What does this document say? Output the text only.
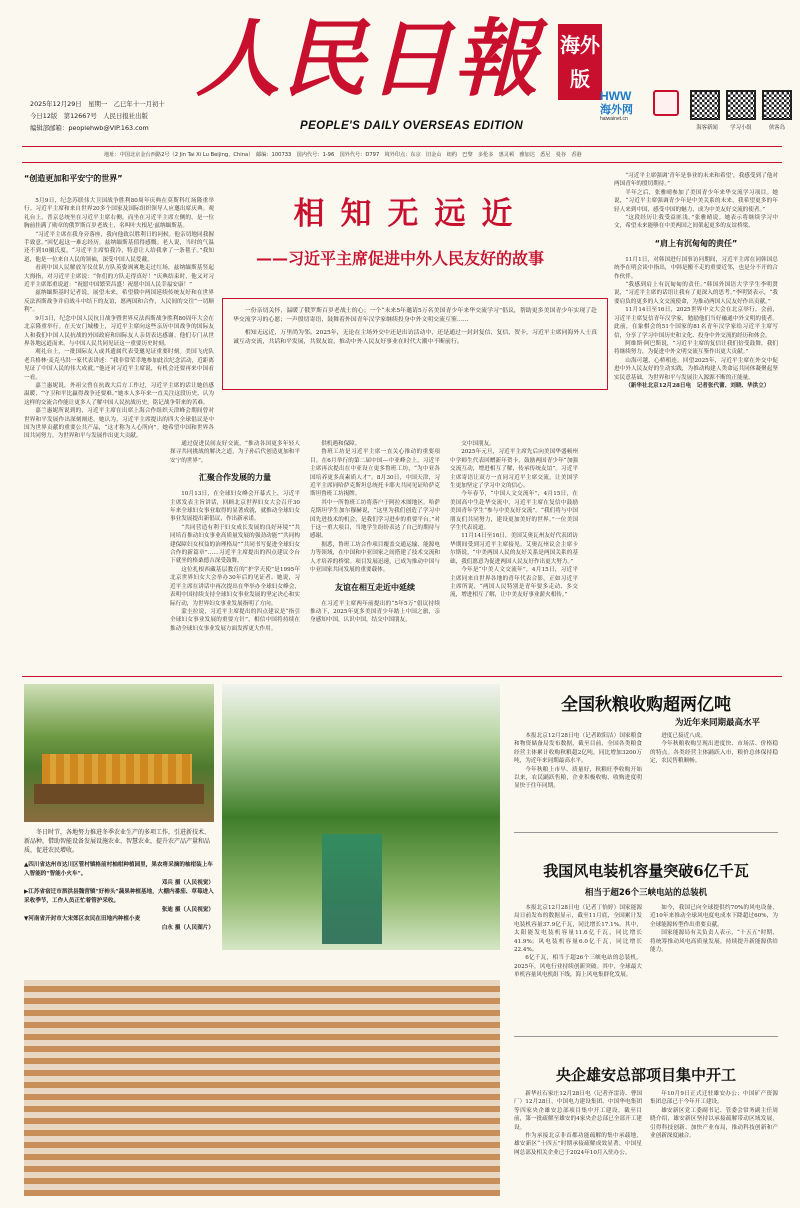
人民日報 海外
版
PEOPLE'S DAILY OVERSEAS EDITION
2025年12月29日　星期一　乙巳年十一月初十
今日12版　第12667号　人民日报社出版
编辑部邮箱：peoplehwb@VIP.163.com
HWW
海外网
haiwainet.cn
海客新闻	学习小组	侠客岛
地址：中国北京金台西路2号（2 Jin Tai Xi Lu Beijing，China）　邮编：100733　国内代号：1-96　国外代号：D797　境外印点：东京　旧金山　纽约　巴黎　多伦多　惠灵顿　雅加达　悉尼　曼谷　香港
相知无远近
——习近平主席促进中外人民友好的故事

一份亲切关怀，温暖了俄罗斯百岁老战士的心；一个“未来5年邀请5万名美国青少年来华交流学习”倡议，帮助更多美国青少年实现了赴华交流学习的心愿；一声殷切寄语，鼓舞着外国青年汉学家继续投身中外文明交流互鉴……

相知无远近，万里尚为邻。2025年，无论在主场外交中还是出访活动中，还是通过一封封复信、复信、贺卡，习近平主席同海外人士真诚互动交流，共话和平发展，共叙友谊，推动中外人民友好事业在时代大潮中不断前行。

“创造更加和平安宁的世界”

5月9日，纪念苏联伟大卫国战争胜利80周年庆典在莫斯科红场隆重举行。习近平主席和来自世界20多个国家及国际组织领导人应邀出席庆典。观礼台上，普京总统坐在习近平主席右侧，而坐在习近平主席左侧的，是一位胸前挂满了勋章的俄罗斯百岁老战士，名叫叶夫根尼·兹纳缅斯基。

“习近平主席在我身旁落座，我向他致以胜利日的问候。他亲切地同我握手致意。”回忆起这一难忘经历，兹纳缅斯基值得感慨。老人说，当时的气温还不到10摄氏度，“习近平主席怕我冷，特意让人给我拿了一条毯子。”我知道，他是一位来自人民的领袖，深受中国人民爱戴。

看到中国人民解放军仪仗队方队英姿飒爽地走过红场，兹纳缅斯基竖起大拇指，对习近平主席说：“你们的方队走得真好！”庆典结束时，他又对习近平主席郑重说道：“祝愿中国繁荣昌盛！祝愿中国人民幸福安康！”

兹纳缅斯基时记者说，展望未来，希望俄中两国延续传统友好和在世界反法西斯战争并肩战斗中结下的友谊，愿两国和合作，人民间的交往“一切顺利”。

9月3日，纪念中国人民抗日战争暨世界反法西斯战争胜利80周年大会在北京隆重举行。在天安门城楼上，习近平主席向这些亲历中国战争的国际友人和我们中国人民抗战的外国政府和国际友人亲切表达感谢。他们专门从世界各地远道而来，与中国人民共同见证这一重要历史时刻。

观礼台上，一批国际友人或其遗属代表受邀见证重要时刻。美国飞虎队老兵格林·麦克马洪一家代表讲述：“我非常荣幸地参加此次纪念活动，近距离见证了中国人民的伟大成就。”他还对习近平主席说，有机会还要再来中国看一看。

嘉兰惠妮说，外祖父曾在抗战大后方工作过，习近平主席的话让她倍感温暖，“守卫和平比赢得战争还要难。”她本人多年来一直关注这段历史，认为这样的交流合作能让更多人了解中国人民抗战历史，铭记战争带来的苦难。

嘉兰惠妮所说到的，习近平主席在出席上海合作组织天津峰会期间曾对世界和平发展作出深刻阐述。她认为，习近平主席提出的四大全球倡议是中国为世界贡献的重要公共产品，“这才称为人心所向”。她希望中国和世界各国共同努力，为世界和平与发展作出更大贡献。

通过促进民间友好交流，“推动各国更多年轻人探寻共同挑战的解决之道，为子孙后代创造更加和平安宁的世界”。

汇聚合作发展的力量

10月13日，在全球妇女峰会开幕式上，习近平主席发表主旨讲话，回顾北京世界妇女大会召开30年来全球妇女事业取得的显著成就，就推动全球妇女事业发展提出新倡议，作出新承诺。

“共同营造有利于妇女成长发展的良好环境”“共同培育推动妇女事业高质量发展的强劲动能”“共同构建保障妇女权益的治理格局”“共同书写促进全球妇女合作的新篇章”……习近平主席提出的四点建议令台下就坐的格桑德吉深受鼓舞。

这位扎根西藏基层教育的“护学天使”是1995年北京世界妇女大会举办30年后的见证者。她说，习近平主席在讲话中再次提出在华举办全球妇女峰会，表明中国持续支持全球妇女事业发展的坚定决心和实际行动，为世界妇女事业发展指明了方向。

蒙圭拉说，习近平主席提出的四点建议是“指引全球妇女事业发展的重要方针”，相信中国将持续在推动全球妇女事业发展方面发挥更大作用。

供机遇和保障。

鲁班工坊是习近平主席一直关心推动的重要项目。在6月举行的第二届中国—中亚峰会上，习近平主席再次提出在中亚设立更多鲁班工坊，“为中亚各国培养更多高素质人才”。8月30日，中国天津，习近平主席同哈萨克斯坦总统托卡耶夫共同见证哈萨克斯坦鲁班工坊揭牌。

其中一所鲁班工坊将落户于阿拉木图地区。哈萨克斯坦学生加尔穆赫说，“这里为我们创造了学习中国先进技术的机会，是我们学习进步的重要平台。”对于这一重大项目，当地学生纷纷表达了自己的期待与感谢。

据悉，鲁班工坊合作项目覆盖交通运输、能源电力等领域，在中国和中亚国家之间搭建了技术交流和人才培养的桥梁。项目发展迅速，已成为推动中国与中亚国家共同发展的重要载体。

友谊在相互走近中延续

在习近平主席两年前提出的“5年5万”倡议持续推动下，2025年更多美国青少年踏上中国之旅，亲身感知中国，认识中国，结交中国朋友。

交中国朋友。

2025年元旦，习近平主席先后向美国华盛顿州中学师生代表回赠新年贺卡，鼓励两国青少年“加强交流互动，增进相互了解，传承传统友谊”。习近平主席寄语让双方一直同习近平主席交流，让美国学生更加坚定了学习中文的信心。

今年春节，“中国人文交流年”，4月15日，在美国高中生赴华交流中，习近平主席在复信中鼓励美国青年学生“参与中美友好交流”。“我们将与中国朋友们共同努力，建设更加美好的世界。”一位美国学生代表说道。

11月14日至16日，美国艾奥瓦州友好代表团访华期间受到习近平主席接见。艾奥瓦州议会主席卡尔斯说，“中美两国人民的友好关系是两国关系的基础，我们愿意为促进两国人民友好作出更大努力。”

今年是“中美人文交流年”，4月15日，习近平主席同来自世界各地的青年代表合影。正如习近平主席所说，“两国人民特别是青年要多走动、多交流，增进相互了解，让中美友好事业薪火相传。”

“习近平主席强调‘青年是事业的未来和希望’，我感受到了他对两国青年的殷切期待。”

半年之后，张雅晴参加了美国青少年来华交流学习项目。她说，“习近平主席强调青少年是中美关系的未来，我希望更多的年轻人来到中国，感受中国的魅力，成为中美友好交流的使者。”

“这段经历让我受益匪浅。”张雅晴说。她表示将继续学习中文，希望未来能够在中美两国之间架起更多的友谊桥梁。

“肩上有沉甸甸的责任”

11月1日，对韩国进行国事访问期间，习近平主席在同韩国总统李在明会谈中指出，中韩是搬不走的重要近邻，也是分不开的合作伙伴。

“我感到肩上有沉甸甸的责任。”韩国外国语大学学生李明贤说，“习近平主席的话语让我有了更深入的思考。”李明贤表示，“我要肩负的更多的人文交流使命，为推动两国人民友好作出贡献。”

11月14日至16日，2025世界中文大会在北京举行。会前，习近平主席复信青年汉学家，勉励他们当好融通中外文明的使者。此前，在象棋会的51个国家的81名青年汉学家给习近平主席写信，分享了学习中国历史和文化、投身中外交流的经历和体会。

阿维斯·阿巴斯说，“习近平主席的复信让我们倍受鼓舞，我们将继续努力，为促进中外文明交流互鉴作出更大贡献。”

山海可越，心桥相连。回望2025年，习近平主席在外交中促进中外人民友好的生动实践，为推动构建人类命运共同体凝聚起坚实民意基础，为世界和平与发展注入源源不断的正能量。

（新华社北京12月28日电　记者张代蕾、刘晓、华洪立）

冬日时节，各地努力推进冬季农业生产的多项工作，引进新技术、新品种，借助智能设备发展设施农业、智慧农业，提升农产品产量和品质，促进农民增收。

▲四川省达州市达川区管村镇格前村柚柑种植园里，果农将采摘的柚柑装上车入智能的“智能小火车”。

邓兵 摄（人民视觉）

▶江苏省宿迁市泗洪县魏营镇“好柿头”蔬果种植基地，大棚内番茄、草莓进入采收季节，工作人员正忙着管护采收。

张迪 摄（人民视觉）

▼河南省开封市大宋郊区农民在田地内种植小麦

白永 摄（人民图片）

全国秋粮收购超两亿吨
为近年来同期最高水平

本报北京12月28日电（记者欧阳洁）国家粮食和物资储备局发布数据，截至目前，全国各类粮食经营主体累计收购秋粮超2亿吨，同比增加3200万吨，为近年来同期最高水平。

今年秋粮上市早、质量好，秋粮旺季收购开始以来，农民踊跃售粮，企业积极收购，收购进度明显快于往年同期。

进度已接近八成。

今年秋粮收购呈现出进度快、市场活、价格稳的特点。各类经营主体踊跃入市，粮价总体保持稳定，农民售粮顺畅。

我国风电装机容量突破6亿千瓦
相当于超26个三峡电站的总装机

本报北京12月28日电（记者丁怡婷）国家能源局日前发布的数据显示，截至11月底，全国累计发电装机容量37.9亿千瓦，同比增长17.1%。其中，太阳能发电装机容量11.6亿千瓦，同比增长41.9%；风电装机容量6.0亿千瓦，同比增长22.4%。

6亿千瓦，相当于超26个三峡电站的总装机。2025年，风电行业持续创新突破。其中，全球最大单机容量风电机组下线，海上风电集群化发展。

如今，我国已向全球提供约70%的风电设备，近10年来推动全球风电度电成本下降超过60%，为全球能源转型作出重要贡献。

国家能源局有关负责人表示，“十五五”时期，将统筹推动风电高质量发展，持续提升新能源供给能力。

央企雄安总部项目集中开工

新华社石家庄12月28日电（记者齐雷涛、曹国厂）12月28日，中国电力建设集团、中国华电集团等四家央企雄安总部项目集中开工建设。截至目前，第一批疏解至雄安的4家央企总部已全部开工建设。

作为承接北京非首都功能疏解的集中承载地，雄安新区“十四五”时期承接疏解成效显著，中国星网总部及相关企业已于2024年10月入驻办公。

年10月9日正式迁驻雄安办公；中国矿产资源集团总部已于今年开工建设。

雄安新区党工委副书记、管委会常务副主任周晓介绍，雄安新区坚持以承接疏解带动区域发展，引得科技创新、加快产业布局，推动科技创新和产业创新深度融合。
